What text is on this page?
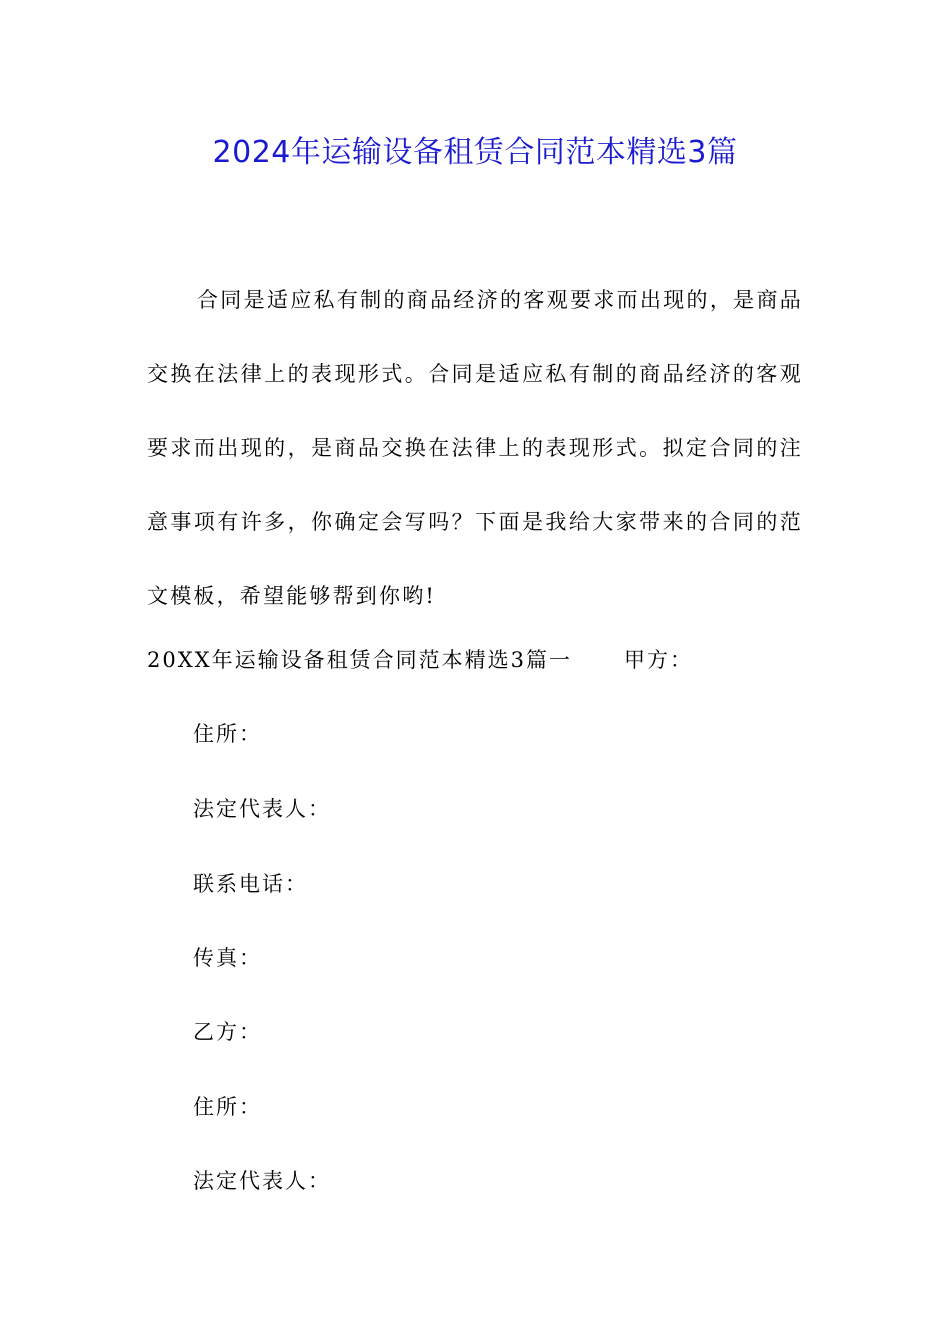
2024年运输设备租赁合同范本精选3篇

合同是适应私有制的商品经济的客观要求而出现的，是商品交换在法律上的表现形式。合同是适应私有制的商品经济的客观要求而出现的，是商品交换在法律上的表现形式。拟定合同的注意事项有许多，你确定会写吗？下面是我给大家带来的合同的范文模板，希望能够帮到你哟!

20XX年运输设备租赁合同范本精选3篇一 甲方：

住所：

法定代表人：

联系电话：

传真：

乙方：

住所：

法定代表人：
